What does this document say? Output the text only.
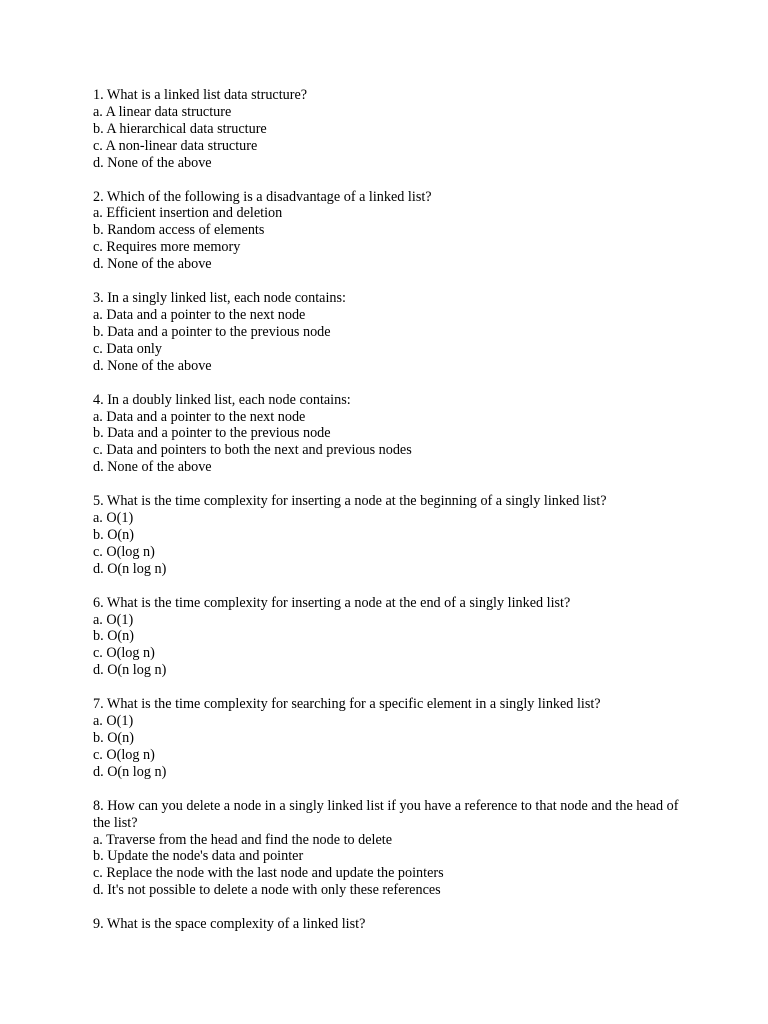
1. What is a linked list data structure?
a. A linear data structure
b. A hierarchical data structure
c. A non-linear data structure
d. None of the above
2. Which of the following is a disadvantage of a linked list?
a. Efficient insertion and deletion
b. Random access of elements
c. Requires more memory
d. None of the above
3. In a singly linked list, each node contains:
a. Data and a pointer to the next node
b. Data and a pointer to the previous node
c. Data only
d. None of the above
4. In a doubly linked list, each node contains:
a. Data and a pointer to the next node
b. Data and a pointer to the previous node
c. Data and pointers to both the next and previous nodes
d. None of the above
5. What is the time complexity for inserting a node at the beginning of a singly linked list?
a. O(1)
b. O(n)
c. O(log n)
d. O(n log n)
6. What is the time complexity for inserting a node at the end of a singly linked list?
a. O(1)
b. O(n)
c. O(log n)
d. O(n log n)
7. What is the time complexity for searching for a specific element in a singly linked list?
a. O(1)
b. O(n)
c. O(log n)
d. O(n log n)
8. How can you delete a node in a singly linked list if you have a reference to that node and the head of the list?
a. Traverse from the head and find the node to delete
b. Update the node's data and pointer
c. Replace the node with the last node and update the pointers
d. It's not possible to delete a node with only these references
9. What is the space complexity of a linked list?
